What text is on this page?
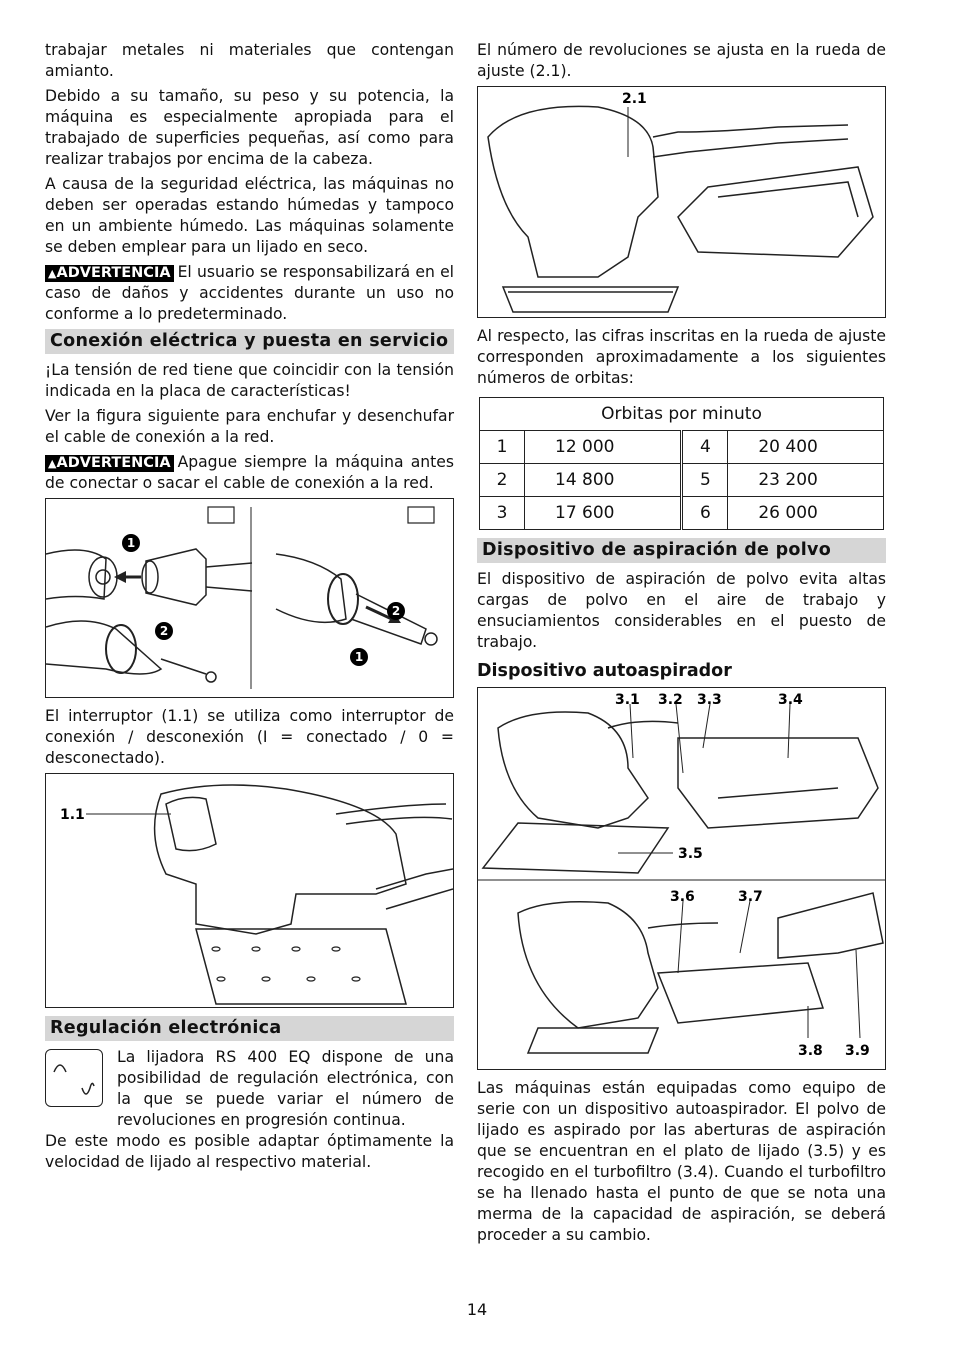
trabajar metales ni materiales que contengan amianto.

Debido a su tamaño, su peso y su potencia, la máquina es especialmente apropiada para el trabajado de superficies pequeñas, así como para realizar trabajos por encima de la cabeza.

A causa de la seguridad eléctrica, las máquinas no deben ser operadas estando húmedas y tampoco en un ambiente húmedo. Las máquinas solamente se deben emplear para un lijado en seco.

▲ADVERTENCIA El usuario se responsabilizará en el caso de daños y accidentes durante un uso no conforme a lo predeterminado.

Conexión eléctrica y puesta en servicio

¡La tensión de red tiene que coincidir con la tensión indicada en la placa de características!

Ver la figura siguiente para enchufar y desenchufar el cable de conexión a la red.

▲ADVERTENCIA Apague siempre la máquina antes de conectar o sacar el cable de conexión a la red.

1
2
2
1

El interruptor (1.1) se utiliza como interruptor de conexión / desconexión (I = conectado / 0 = desconectado).

1.1
Regulación electrónica

La lijadora RS 400 EQ dispone de una posibilidad de regulación electrónica, con la que se puede variar el número de revoluciones en progresión continua.

De este modo es posible adaptar óptimamente la velocidad de lijado al respectivo material.

El número de revoluciones se ajusta en la rueda de ajuste (2.1).

2.1

Al respecto, las cifras inscritas en la rueda de ajuste corresponden aproximadamente a los siguientes números de orbitas:

Orbitas por minuto			
1	12 000	4	20 400
2	14 800	5	23 200
3	17 600	6	26 000
Dispositivo de aspiración de polvo

El dispositivo de aspiración de polvo evita altas cargas de polvo en el aire de trabajo y ensuciamientos considerables en el puesto de trabajo.

Dispositivo autoaspirador
3.1 3.2 3.3	3.4
3.5
3.6	3.7
3.8 3.9

Las máquinas están equipadas como equipo de serie con un dispositivo autoaspirador. El polvo de lijado es aspirado por las aberturas de aspiración que se encuentran en el plato de lijado (3.5) y es recogido en el turbofiltro (3.4). Cuando el turbofiltro se ha llenado hasta el punto de que se nota una merma de la capacidad de aspiración, se deberá proceder a su cambio.

14
